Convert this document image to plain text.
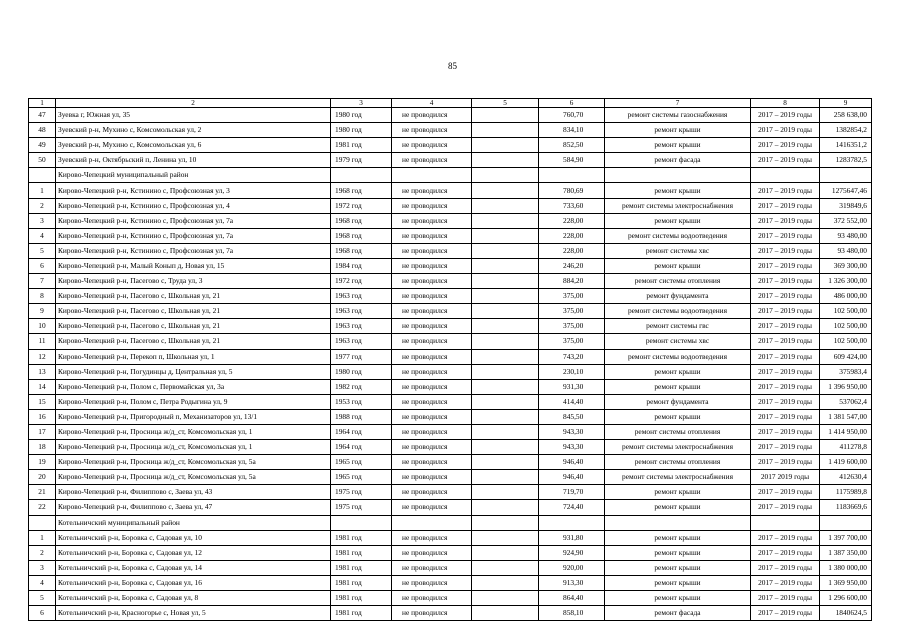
85
1	2	3	4	5	6	7	8	9
47	Зуевка г, Южная ул, 35	1980 год	не проводился		760,70	ремонт системы газоснабжения	2017 – 2019 годы	258 638,00
48	Зуевский р-н, Мухино с, Комсомольская ул, 2	1980 год	не проводился		834,10	ремонт крыши	2017 – 2019 годы	1382854,2
49	Зуевский р-н, Мухино с, Комсомольская ул, 6	1981 год	не проводился		852,50	ремонт крыши	2017 – 2019 годы	1416351,2
50	Зуевский р-н, Октябрьский п, Ленина ул, 10	1979 год	не проводился		584,90	ремонт фасада	2017 – 2019 годы	1283782,5
	Кирово-Чепецкий муниципальный район							
1	Кирово-Чепецкий р-н, Кстинино с, Профсоюзная ул, 3	1968 год	не проводился		780,69	ремонт крыши	2017 – 2019 годы	1275647,46
2	Кирово-Чепецкий р-н, Кстинино с, Профсоюзная ул, 4	1972 год	не проводился		733,60	ремонт системы электроснабжения	2017 – 2019 годы	319849,6
3	Кирово-Чепецкий р-н, Кстинино с, Профсоюзная ул, 7а	1968 год	не проводился		228,00	ремонт крыши	2017 – 2019 годы	372 552,00
4	Кирово-Чепецкий р-н, Кстинино с, Профсоюзная ул, 7а	1968 год	не проводился		228,00	ремонт системы водоотведения	2017 – 2019 годы	93 480,00
5	Кирово-Чепецкий р-н, Кстинино с, Профсоюзная ул, 7а	1968 год	не проводился		228,00	ремонт системы хвс	2017 – 2019 годы	93 480,00
6	Кирово-Чепецкий р-н, Малый Конып д, Новая ул, 15	1984 год	не проводился		246,20	ремонт крыши	2017 – 2019 годы	369 300,00
7	Кирово-Чепецкий р-н, Пасегово с, Труда ул, 3	1972 год	не проводился		884,20	ремонт системы отопления	2017 – 2019 годы	1 326 300,00
8	Кирово-Чепецкий р-н, Пасегово с, Школьная ул, 21	1963 год	не проводился		375,00	ремонт фундамента	2017 – 2019 годы	486 000,00
9	Кирово-Чепецкий р-н, Пасегово с, Школьная ул, 21	1963 год	не проводился		375,00	ремонт системы водоотведения	2017 – 2019 годы	102 500,00
10	Кирово-Чепецкий р-н, Пасегово с, Школьная ул, 21	1963 год	не проводился		375,00	ремонт системы гвс	2017 – 2019 годы	102 500,00
11	Кирово-Чепецкий р-н, Пасегово с, Школьная ул, 21	1963 год	не проводился		375,00	ремонт системы хвс	2017 – 2019 годы	102 500,00
12	Кирово-Чепецкий р-н, Перекоп п, Школьная ул, 1	1977 год	не проводился		743,20	ремонт системы водоотведения	2017 – 2019 годы	609 424,00
13	Кирово-Чепецкий р-н, Погудинцы д, Центральная ул, 5	1980 год	не проводился		230,10	ремонт крыши	2017 – 2019 годы	375983,4
14	Кирово-Чепецкий р-н, Полом с, Первомайская ул, 3а	1982 год	не проводился		931,30	ремонт крыши	2017 – 2019 годы	1 396 950,00
15	Кирово-Чепецкий р-н, Полом с, Петра Родыгина ул, 9	1953 год	не проводился		414,40	ремонт фундамента	2017 – 2019 годы	537062,4
16	Кирово-Чепецкий р-н, Пригородный п, Механизаторов ул, 13/1	1988 год	не проводился		845,50	ремонт крыши	2017 – 2019 годы	1 381 547,00
17	Кирово-Чепецкий р-н, Просница ж/д_ст, Комсомольская ул, 1	1964 год	не проводился		943,30	ремонт системы отопления	2017 – 2019 годы	1 414 950,00
18	Кирово-Чепецкий р-н, Просница ж/д_ст, Комсомольская ул, 1	1964 год	не проводился		943,30	ремонт системы электроснабжения	2017 – 2019 годы	411278,8
19	Кирово-Чепецкий р-н, Просница ж/д_ст, Комсомольская ул, 5а	1965 год	не проводился		946,40	ремонт системы отопления	2017 – 2019 годы	1 419 600,00
20	Кирово-Чепецкий р-н, Просница ж/д_ст, Комсомольская ул, 5а	1965 год	не проводился		946,40	ремонт системы электроснабжения	2017 2019 годы	412630,4
21	Кирово-Чепецкий р-н, Филиппово с, Заева ул, 43	1975 год	не проводился		719,70	ремонт крыши	2017 – 2019 годы	1175989,8
22	Кирово-Чепецкий р-н, Филиппово с, Заева ул, 47	1975 год	не проводился		724,40	ремонт крыши	2017 – 2019 годы	1183669,6
	Котельничский муниципальный район							
1	Котельничский р-н, Боровка с, Садовая ул, 10	1981 год	не проводился		931,80	ремонт крыши	2017 – 2019 годы	1 397 700,00
2	Котельничский р-н, Боровка с, Садовая ул, 12	1981 год	не проводился		924,90	ремонт крыши	2017 – 2019 годы	1 387 350,00
3	Котельничский р-н, Боровка с, Садовая ул, 14	1981 год	не проводился		920,00	ремонт крыши	2017 – 2019 годы	1 380 000,00
4	Котельничский р-н, Боровка с, Садовая ул, 16	1981 год	не проводился		913,30	ремонт крыши	2017 – 2019 годы	1 369 950,00
5	Котельничский р-н, Боровка с, Садовая ул, 8	1981 год	не проводился		864,40	ремонт крыши	2017 – 2019 годы	1 296 600,00
6	Котельничский р-н, Красногорье с, Новая ул, 5	1981 год	не проводился		858,10	ремонт фасада	2017 – 2019 годы	1840624,5
